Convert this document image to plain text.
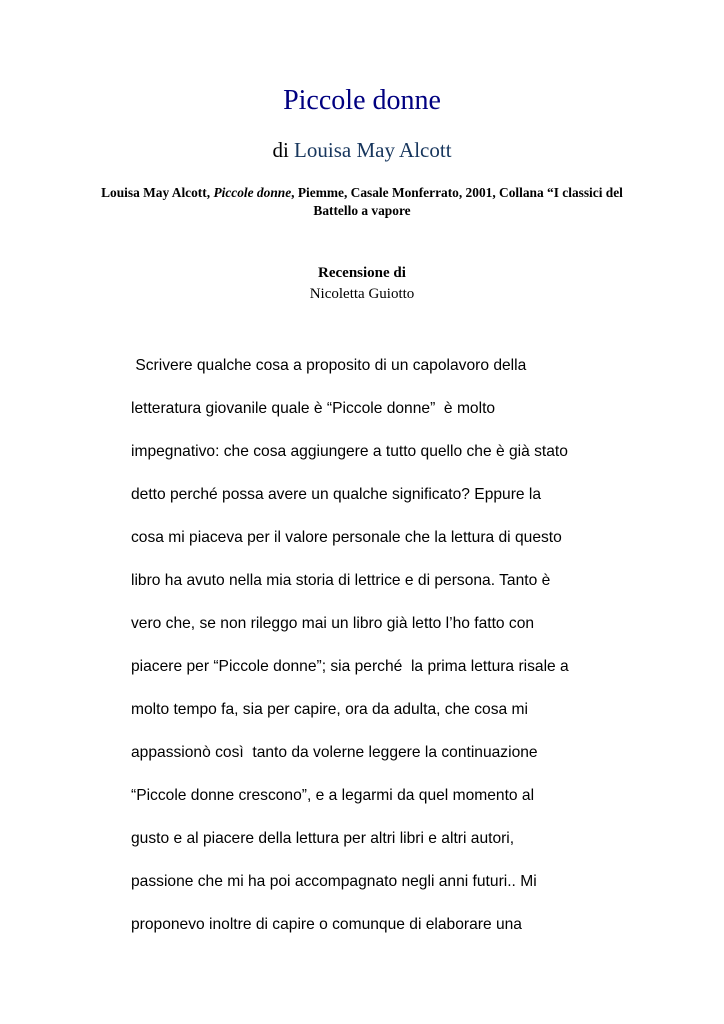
Piccole donne
di Louisa May Alcott
Louisa May Alcott, Piccole donne, Piemme, Casale Monferrato, 2001, Collana “I classici del
Battello a vapore
Recensione di
Nicoletta Guiotto
Scrivere qualche cosa a proposito di un capolavoro della
letteratura giovanile quale è “Piccole donne”  è molto
impegnativo: che cosa aggiungere a tutto quello che è già stato
detto perché possa avere un qualche significato? Eppure la
cosa mi piaceva per il valore personale che la lettura di questo
libro ha avuto nella mia storia di lettrice e di persona. Tanto è
vero che, se non rileggo mai un libro già letto l’ho fatto con
piacere per “Piccole donne”; sia perché  la prima lettura risale a
molto tempo fa, sia per capire, ora da adulta, che cosa mi
appassionò così  tanto da volerne leggere la continuazione
“Piccole donne crescono”, e a legarmi da quel momento al
gusto e al piacere della lettura per altri libri e altri autori,
passione che mi ha poi accompagnato negli anni futuri.. Mi
proponevo inoltre di capire o comunque di elaborare una
